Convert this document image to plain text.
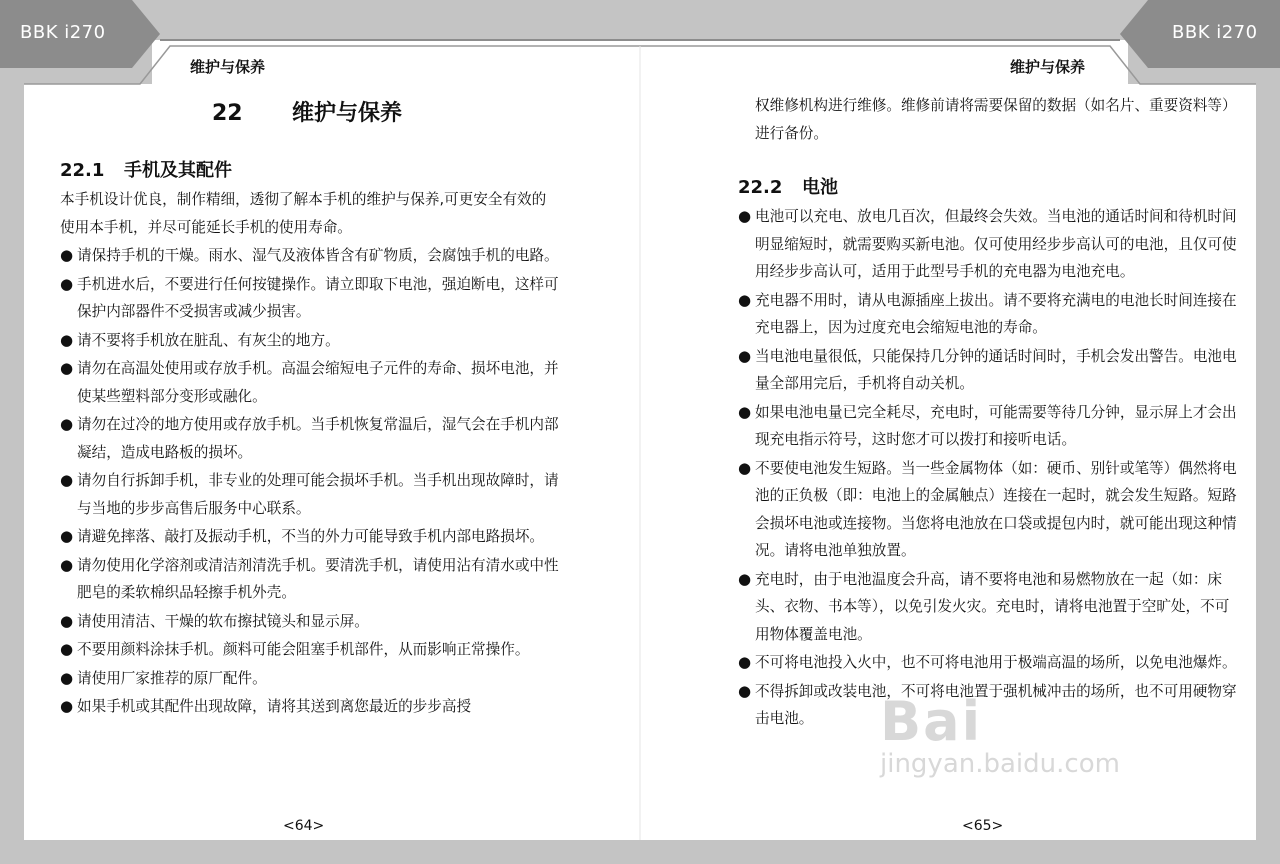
BBK i270	BBK i270
维护与保养	维护与保养
22 维护与保养
22.1 手机及其配件

本手机设计优良，制作精细，透彻了解本手机的维护与保养,可更安全有效的使用本手机，并尽可能延长手机的使用寿命。

● 请保持手机的干燥。雨水、湿气及液体皆含有矿物质，会腐蚀手机的电路。

● 手机进水后，不要进行任何按键操作。请立即取下电池，强迫断电，这样可保护内部器件不受损害或减少损害。

● 请不要将手机放在脏乱、有灰尘的地方。

● 请勿在高温处使用或存放手机。高温会缩短电子元件的寿命、损坏电池，并使某些塑料部分变形或融化。

● 请勿在过冷的地方使用或存放手机。当手机恢复常温后，湿气会在手机内部凝结，造成电路板的损坏。

● 请勿自行拆卸手机，非专业的处理可能会损坏手机。当手机出现故障时，请与当地的步步高售后服务中心联系。

● 请避免摔落、敲打及振动手机，不当的外力可能导致手机内部电路损坏。

● 请勿使用化学溶剂或清洁剂清洗手机。要清洗手机，请使用沾有清水或中性肥皂的柔软棉织品轻擦手机外壳。

● 请使用清洁、干燥的软布擦拭镜头和显示屏。

● 不要用颜料涂抹手机。颜料可能会阻塞手机部件，从而影响正常操作。

● 请使用厂家推荐的原厂配件。

● 如果手机或其配件出现故障，请将其送到离您最近的步步高授

权维修机构进行维修。维修前请将需要保留的数据（如名片、重要资料等）进行备份。

22.2 电池

● 电池可以充电、放电几百次，但最终会失效。当电池的通话时间和待机时间明显缩短时，就需要购买新电池。仅可使用经步步高认可的电池，且仅可使用经步步高认可，适用于此型号手机的充电器为电池充电。

● 充电器不用时，请从电源插座上拔出。请不要将充满电的电池长时间连接在充电器上，因为过度充电会缩短电池的寿命。

● 当电池电量很低，只能保持几分钟的通话时间时，手机会发出警告。电池电量全部用完后，手机将自动关机。

● 如果电池电量已完全耗尽，充电时，可能需要等待几分钟，显示屏上才会出现充电指示符号，这时您才可以拨打和接听电话。

● 不要使电池发生短路。当一些金属物体（如：硬币、别针或笔等）偶然将电池的正负极（即：电池上的金属触点）连接在一起时，就会发生短路。短路会损坏电池或连接物。当您将电池放在口袋或提包内时，就可能出现这种情况。请将电池单独放置。

● 充电时，由于电池温度会升高，请不要将电池和易燃物放在一起（如：床头、衣物、书本等），以免引发火灾。充电时，请将电池置于空旷处，不可用物体覆盖电池。

● 不可将电池投入火中，也不可将电池用于极端高温的场所，以免电池爆炸。

● 不得拆卸或改装电池，不可将电池置于强机械冲击的场所，也不可用硬物穿击电池。

<64>	<65>
Bai
jingyan.baidu.com
